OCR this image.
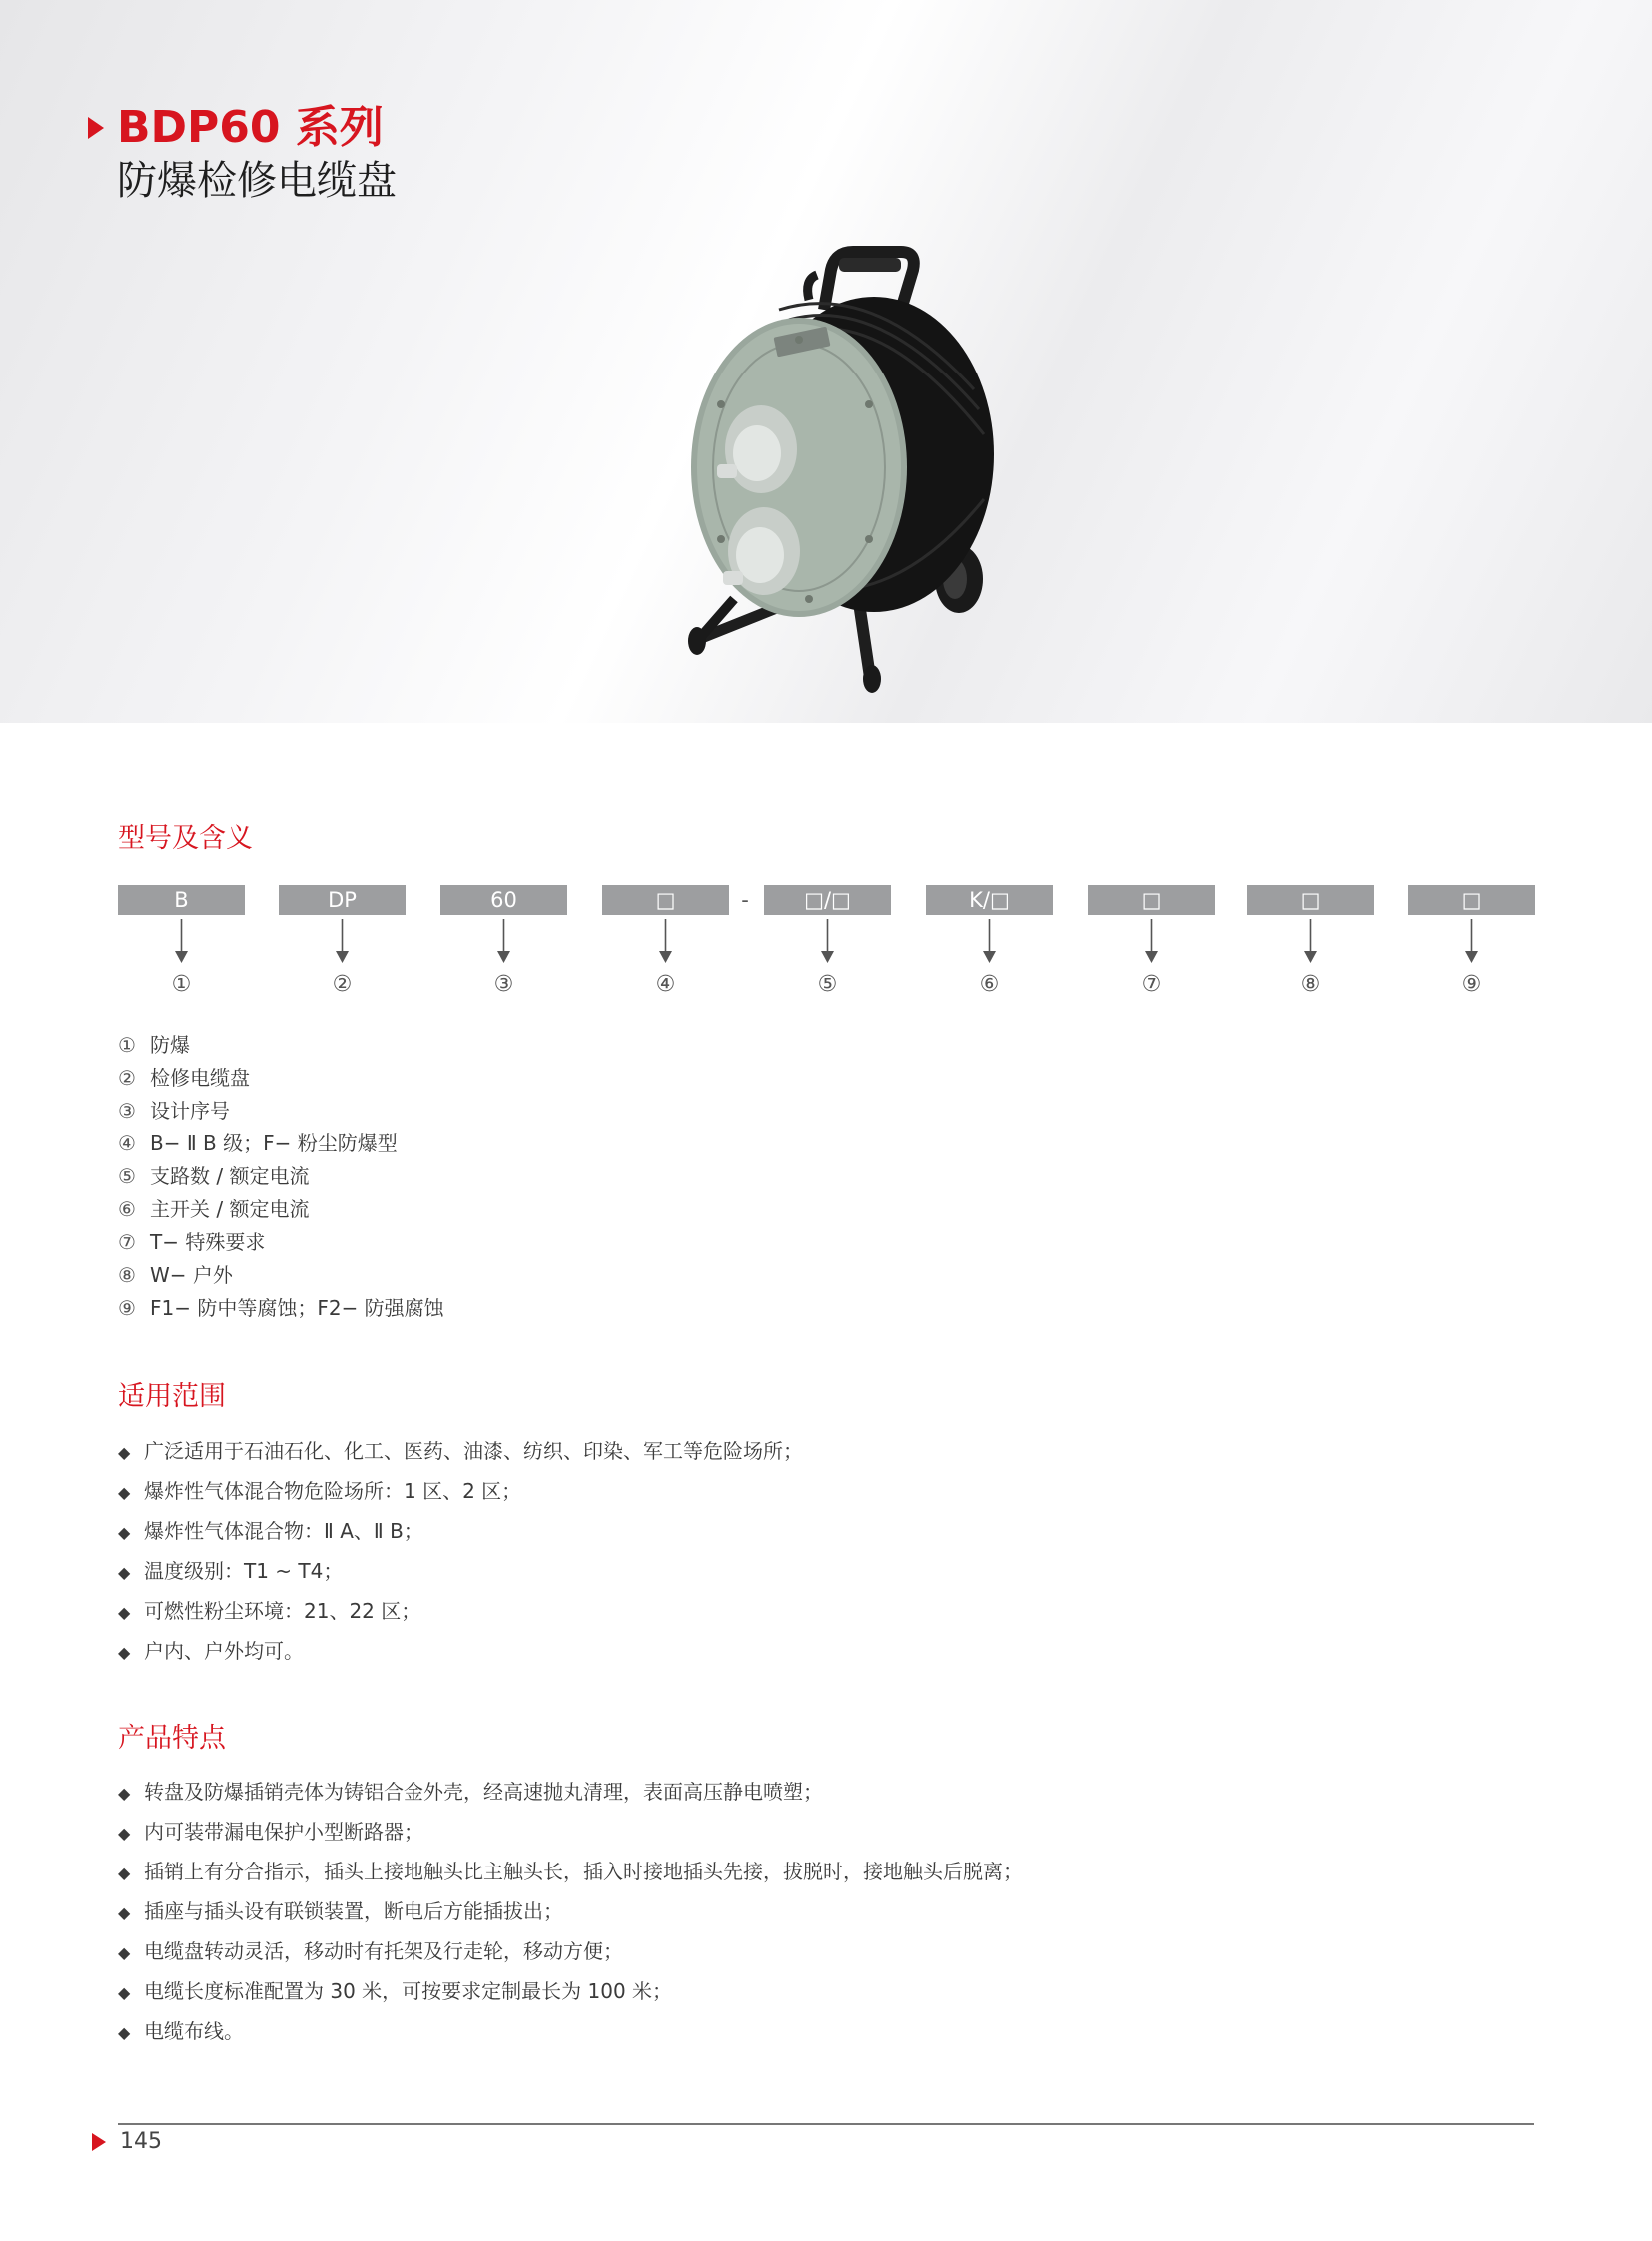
BDP60 系列
防爆检修电缆盘
型号及含义
B	DP	60	□	-	□/□	K/□	□	□	□
①	②	③	④	⑤	⑥	⑦	⑧	⑨
① 防爆
② 检修电缆盘
③ 设计序号
④ B− Ⅱ B 级；F− 粉尘防爆型
⑤ 支路数 / 额定电流
⑥ 主开关 / 额定电流
⑦ T− 特殊要求
⑧ W− 户外
⑨ F1− 防中等腐蚀；F2− 防强腐蚀
适用范围
◆ 广泛适用于石油石化、化工、医药、油漆、纺织、印染、军工等危险场所；
◆ 爆炸性气体混合物危险场所：1 区、2 区；
◆ 爆炸性气体混合物：Ⅱ A、Ⅱ B；
◆ 温度级别：T1 ~ T4；
◆ 可燃性粉尘环境：21、22 区；
◆ 户内、户外均可。
产品特点
◆ 转盘及防爆插销壳体为铸铝合金外壳，经高速抛丸清理，表面高压静电喷塑；
◆ 内可装带漏电保护小型断路器；
◆ 插销上有分合指示，插头上接地触头比主触头长，插入时接地插头先接，拔脱时，接地触头后脱离；
◆ 插座与插头设有联锁装置，断电后方能插拔出；
◆ 电缆盘转动灵活，移动时有托架及行走轮，移动方便；
◆ 电缆长度标准配置为 30 米，可按要求定制最长为 100 米；
◆ 电缆布线。
145
